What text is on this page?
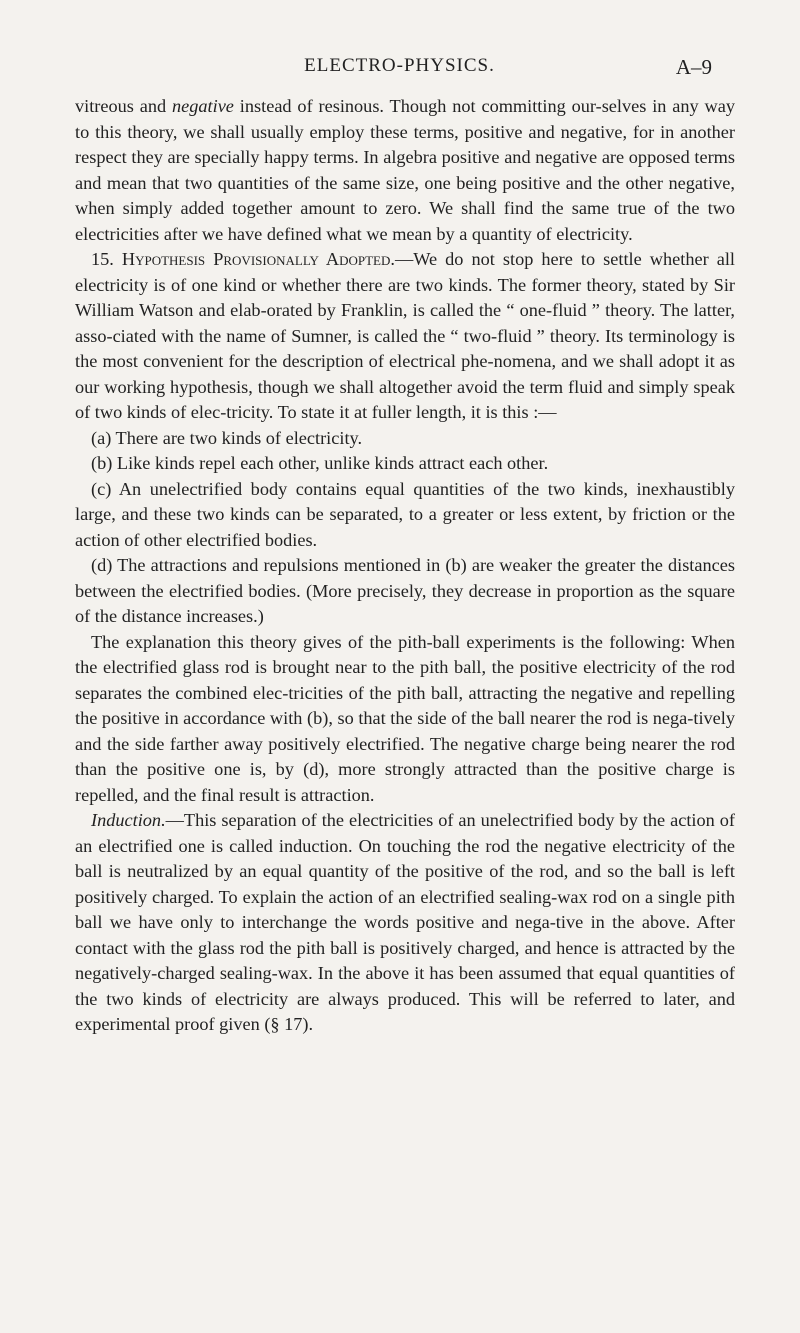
ELECTRO-PHYSICS.	A–9

vitreous and negative instead of resinous. Though not committing our-selves in any way to this theory, we shall usually employ these terms, positive and negative, for in another respect they are specially happy terms. In algebra positive and negative are opposed terms and mean that two quantities of the same size, one being positive and the other negative, when simply added together amount to zero. We shall find the same true of the two electricities after we have defined what we mean by a quantity of electricity.

15. Hypothesis Provisionally Adopted.—We do not stop here to settle whether all electricity is of one kind or whether there are two kinds. The former theory, stated by Sir William Watson and elab-orated by Franklin, is called the “ one-fluid ” theory. The latter, asso-ciated with the name of Sumner, is called the “ two-fluid ” theory. Its terminology is the most convenient for the description of electrical phe-nomena, and we shall adopt it as our working hypothesis, though we shall altogether avoid the term fluid and simply speak of two kinds of elec-tricity. To state it at fuller length, it is this :—

(a) There are two kinds of electricity.

(b) Like kinds repel each other, unlike kinds attract each other.

(c) An unelectrified body contains equal quantities of the two kinds, inexhaustibly large, and these two kinds can be separated, to a greater or less extent, by friction or the action of other electrified bodies.

(d) The attractions and repulsions mentioned in (b) are weaker the greater the distances between the electrified bodies. (More precisely, they decrease in proportion as the square of the distance increases.)

The explanation this theory gives of the pith-ball experiments is the following: When the electrified glass rod is brought near to the pith ball, the positive electricity of the rod separates the combined elec-tricities of the pith ball, attracting the negative and repelling the positive in accordance with (b), so that the side of the ball nearer the rod is nega-tively and the side farther away positively electrified. The negative charge being nearer the rod than the positive one is, by (d), more strongly attracted than the positive charge is repelled, and the final result is attraction.

Induction.—This separation of the electricities of an unelectrified body by the action of an electrified one is called induction. On touching the rod the negative electricity of the ball is neutralized by an equal quantity of the positive of the rod, and so the ball is left positively charged. To explain the action of an electrified sealing-wax rod on a single pith ball we have only to interchange the words positive and nega-tive in the above. After contact with the glass rod the pith ball is positively charged, and hence is attracted by the negatively-charged sealing-wax. In the above it has been assumed that equal quantities of the two kinds of electricity are always produced. This will be referred to later, and experimental proof given (§ 17).
